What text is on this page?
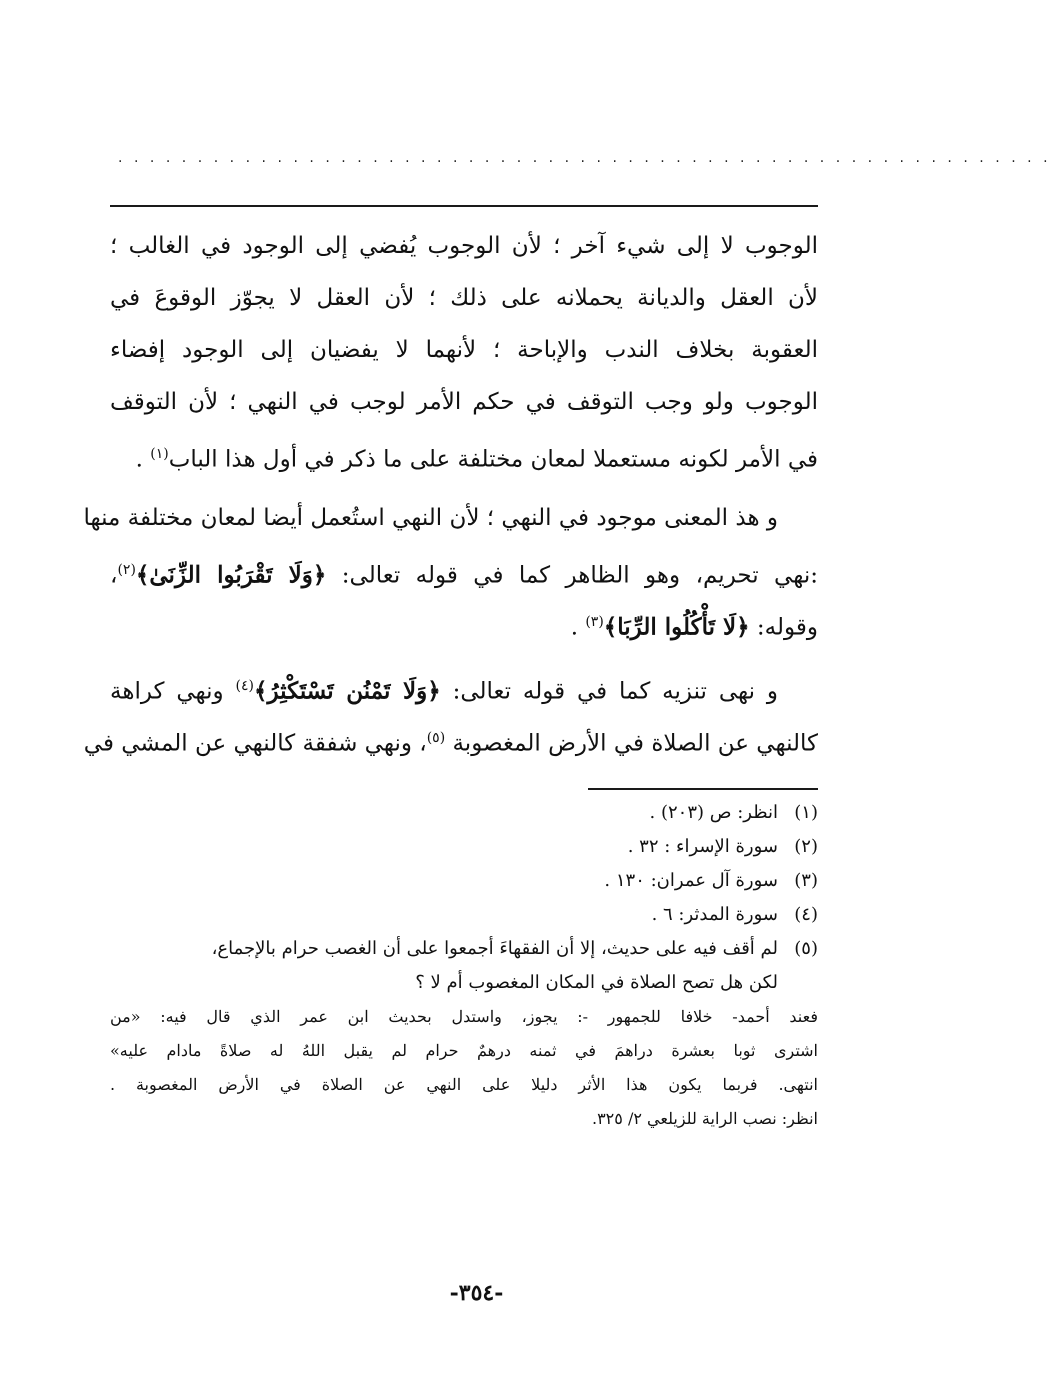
...........................................................
الوجوب لا إلى شيء آخر ؛ لأن الوجوب يُفضي إلى الوجود في الغالب ؛
لأن العقل والديانة يحملانه على ذلك ؛ لأن العقل لا يجوّز الوقوعَ في
العقوبة بخلاف الندب والإباحة ؛ لأنهما لا يفضيان إلى الوجود إفضاء
الوجوب ولو وجب التوقف في حكم الأمر لوجب في النهي ؛ لأن التوقف
في الأمر لكونه مستعملا لمعان مختلفة على ما ذكر في أول هذا الباب$^{(١)}$ .
و هذ المعنى موجود في النهي ؛ لأن النهي استُعمل أيضا لمعان مختلفة منها
:نهي تحريم، وهو الظاهر كما في قوله تعالى: ﴿وَلَا تَقْرَبُوا الزِّنَىٰ﴾$^{(٢)}$،
وقوله: ﴿لَا تَأْكُلُوا الرِّبَا﴾$^{(٣)}$ .
و نهى تنزيه كما في قوله تعالى: ﴿وَلَا تَمْنُن تَسْتَكْثِرُ﴾$^{(٤)}$ ونهي كراهة
كالنهي عن الصلاة في الأرض المغصوبة $^{(٥)}$، ونهي شفقة كالنهي عن المشي في
(١)انظر: ص (٢٠٣) .
(٢)سورة الإسراء : ٣٢ .
(٣)سورة آل عمران: ١٣٠ .
(٤)سورة المدثر: ٦ .
(٥)لم أقف فيه على حديث، إلا أن الفقهاءَ أجمعوا على أن الغصب حرام بالإجماع،
لكن هل تصح الصلاة في المكان المغصوب أم لا ؟
فعند أحمد- خلافا للجمهور -: يجوز، واستدل بحديث ابن عمر الذي قال فيه: «من
اشترى ثوبا بعشرة دراهمَ في ثمنه درهمٌ حرام لم يقبل اللهُ له صلاةً مادام عليه»
انتهى. فربما يكون هذا الأثر دليلا على النهي عن الصلاة في الأرض المغصوبة .
انظر: نصب الراية للزيلعي ٢/ ٣٢٥.
-٣٥٤-
